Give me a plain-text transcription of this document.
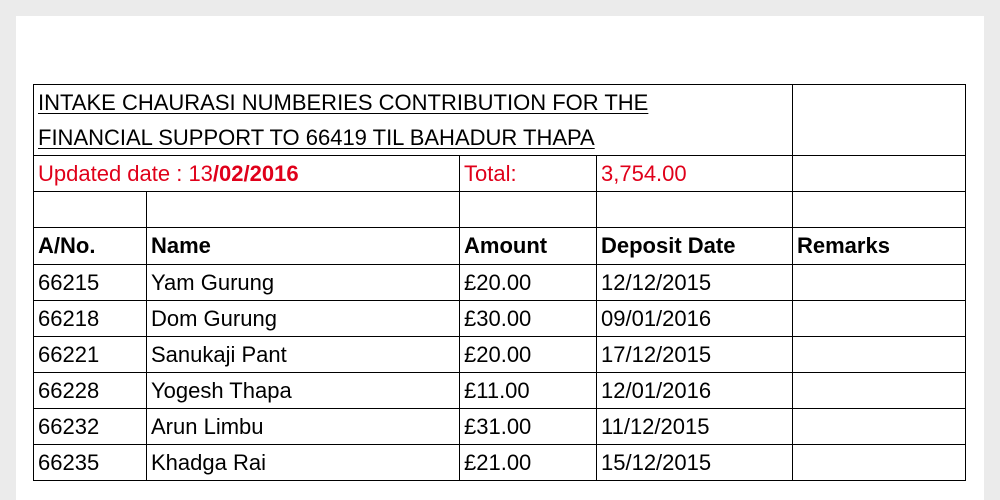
INTAKE CHAURASI NUMBERIES CONTRIBUTION FOR THE				
FINANCIAL SUPPORT TO 66419 TIL BAHADUR THAPA				
Updated date : 13/02/2016		Total:	3,754.00	

A/No.	Name	Amount	Deposit Date	Remarks
66215	Yam Gurung	£20.00	12/12/2015	
66218	Dom Gurung	£30.00	09/01/2016	
66221	Sanukaji Pant	£20.00	17/12/2015	
66228	Yogesh Thapa	£11.00	12/01/2016	
66232	Arun Limbu	£31.00	11/12/2015	
66235	Khadga Rai	£21.00	15/12/2015	
